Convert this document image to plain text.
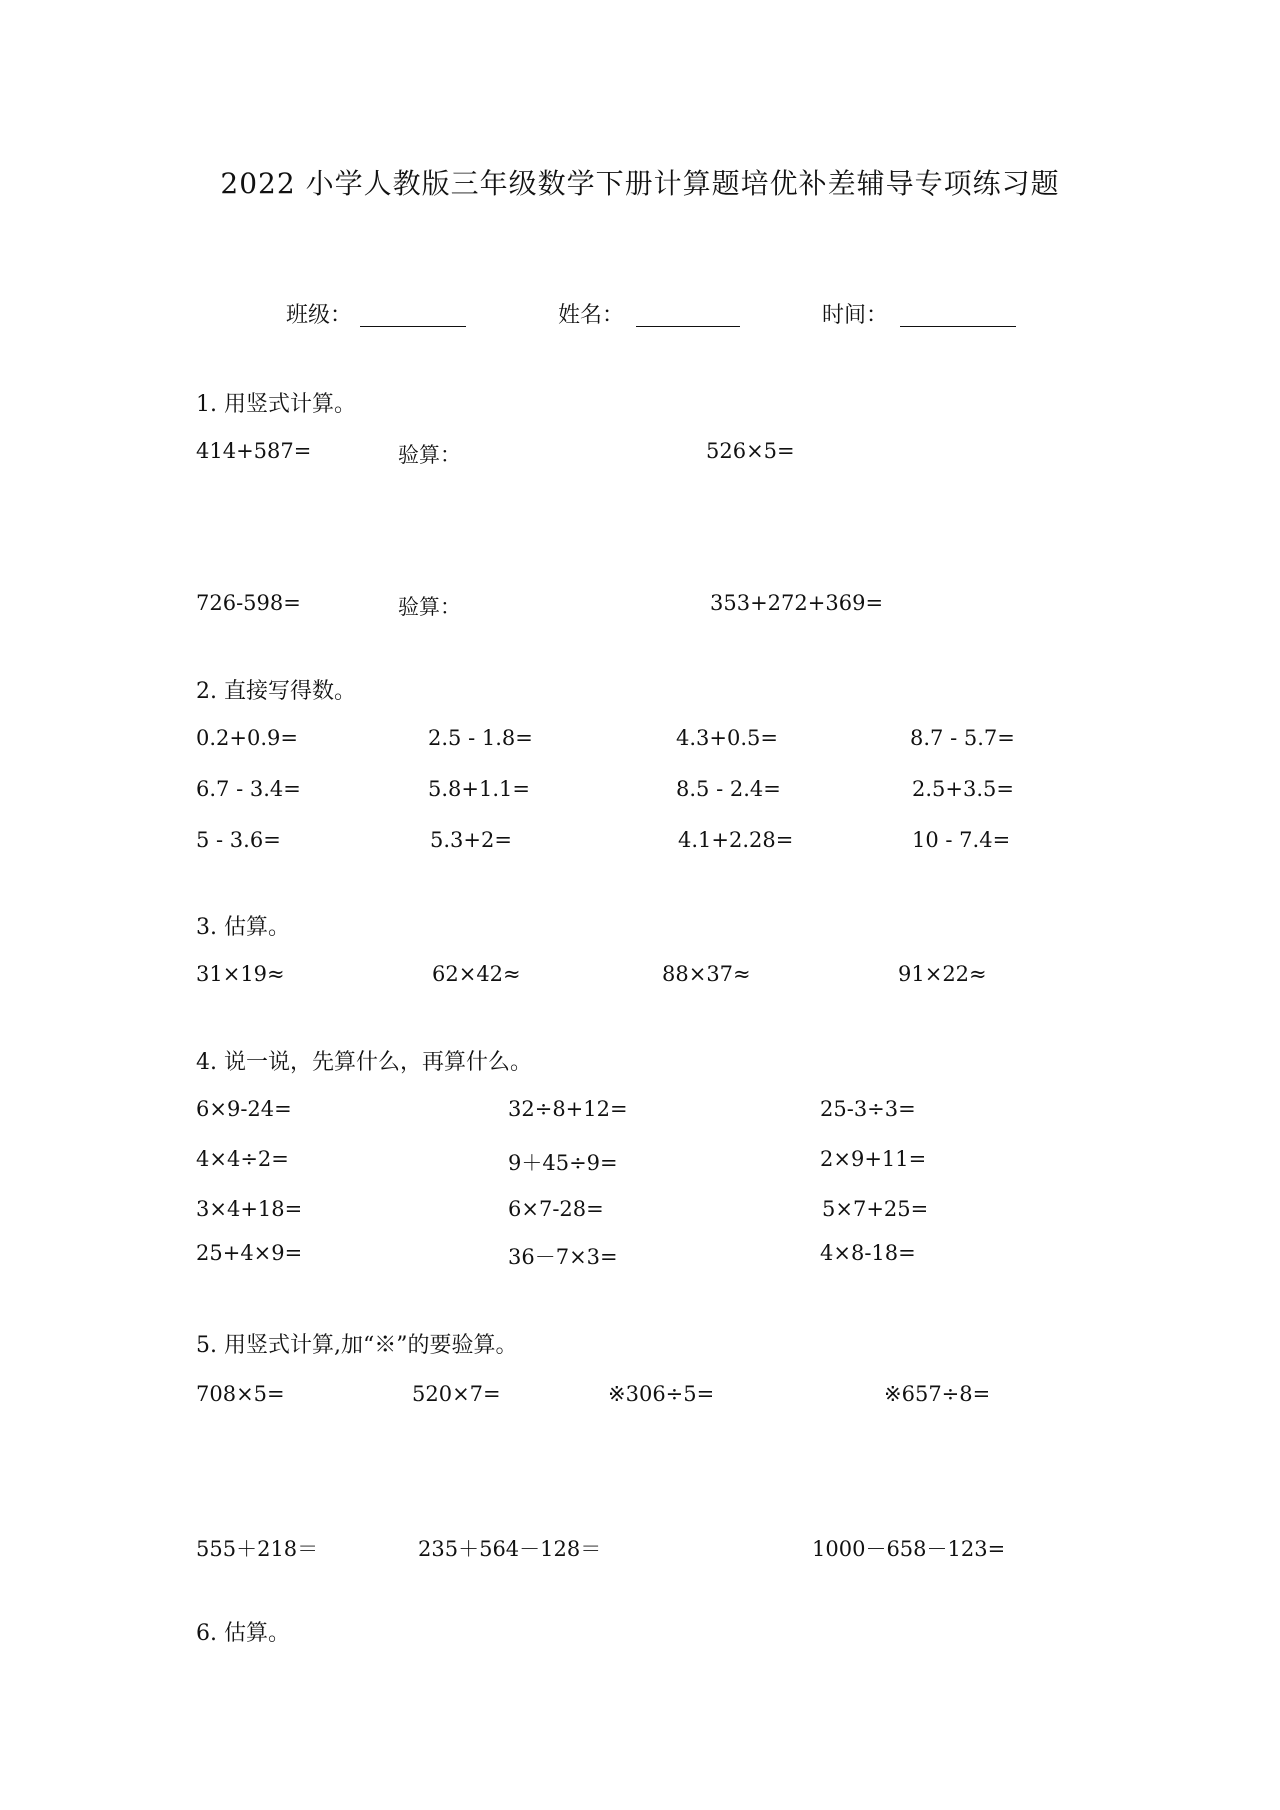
2022 小学人教版三年级数学下册计算题培优补差辅导专项练习题
班级：	姓名：	时间：
1. 用竖式计算。
414+587=	验算：	526×5=
726-598=	验算：	353+272+369=
2. 直接写得数。
0.2+0.9=	2.5 - 1.8=	4.3+0.5=	8.7 - 5.7=
6.7 - 3.4=	5.8+1.1=	8.5 - 2.4=	2.5+3.5=
5 - 3.6=	5.3+2=	4.1+2.28=	10 - 7.4=
3. 估算。
31×19≈	62×42≈	88×37≈	91×22≈
4. 说一说，先算什么，再算什么。
6×9-24=	32÷8+12=	25-3÷3=
4×4÷2=	9＋45÷9=	2×9+11=
3×4+18=	6×7-28=	5×7+25=
25+4×9=	36－7×3=	4×8-18=
5. 用竖式计算,加“※”的要验算。
708×5=	520×7=	※306÷5=	※657÷8=
555＋218＝	235＋564－128＝	1000－658－123=
6. 估算。
